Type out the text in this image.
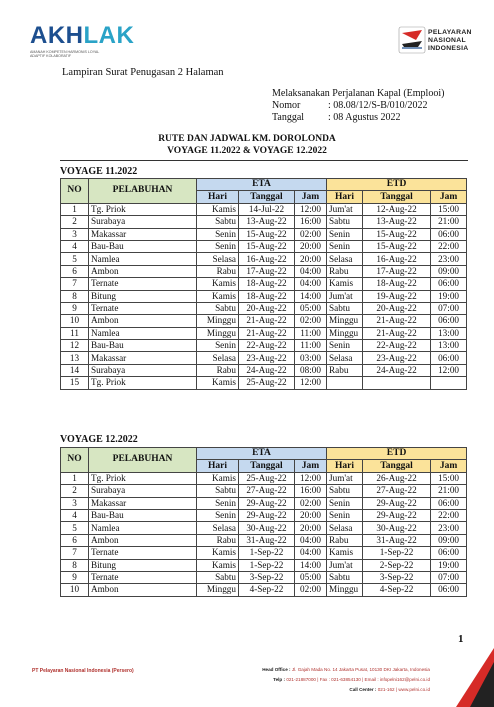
AKHLAK
AMANAH KOMPETEN HARMONIS LOYAL ADAPTIF KOLABORATIF
PELAYARAN
NASIONAL
INDONESIA
Lampiran Surat Penugasan 2 Halaman
Melaksanakan Perjalanan Kapal (Emplooi)
Nomor	: 08.08/12/S-B/010/2022
Tanggal	: 08 Agustus 2022
RUTE DAN JADWAL KM. DOROLONDA
VOYAGE 11.2022 & VOYAGE 12.2022
VOYAGE 11.2022
NO	PELABUHAN	ETA			ETD		
		Hari	Tanggal	Jam	Hari	Tanggal	Jam
1	Tg. Priok	Kamis	14-Jul-22	12:00	Jum'at	12-Aug-22	15:00
2	Surabaya	Sabtu	13-Aug-22	16:00	Sabtu	13-Aug-22	21:00
3	Makassar	Senin	15-Aug-22	02:00	Senin	15-Aug-22	06:00
4	Bau-Bau	Senin	15-Aug-22	20:00	Senin	15-Aug-22	22:00
5	Namlea	Selasa	16-Aug-22	20:00	Selasa	16-Aug-22	23:00
6	Ambon	Rabu	17-Aug-22	04:00	Rabu	17-Aug-22	09:00
7	Ternate	Kamis	18-Aug-22	04:00	Kamis	18-Aug-22	06:00
8	Bitung	Kamis	18-Aug-22	14:00	Jum'at	19-Aug-22	19:00
9	Ternate	Sabtu	20-Aug-22	05:00	Sabtu	20-Aug-22	07:00
10	Ambon	Minggu	21-Aug-22	02:00	Minggu	21-Aug-22	06:00
11	Namlea	Minggu	21-Aug-22	11:00	Minggu	21-Aug-22	13:00
12	Bau-Bau	Senin	22-Aug-22	11:00	Senin	22-Aug-22	13:00
13	Makassar	Selasa	23-Aug-22	03:00	Selasa	23-Aug-22	06:00
14	Surabaya	Rabu	24-Aug-22	08:00	Rabu	24-Aug-22	12:00
15	Tg. Priok	Kamis	25-Aug-22	12:00			
VOYAGE 12.2022
NO	PELABUHAN	ETA			ETD		
		Hari	Tanggal	Jam	Hari	Tanggal	Jam
1	Tg. Priok	Kamis	25-Aug-22	12:00	Jum'at	26-Aug-22	15:00
2	Surabaya	Sabtu	27-Aug-22	16:00	Sabtu	27-Aug-22	21:00
3	Makassar	Senin	29-Aug-22	02:00	Senin	29-Aug-22	06:00
4	Bau-Bau	Senin	29-Aug-22	20:00	Senin	29-Aug-22	22:00
5	Namlea	Selasa	30-Aug-22	20:00	Selasa	30-Aug-22	23:00
6	Ambon	Rabu	31-Aug-22	04:00	Rabu	31-Aug-22	09:00
7	Ternate	Kamis	1-Sep-22	04:00	Kamis	1-Sep-22	06:00
8	Bitung	Kamis	1-Sep-22	14:00	Jum'at	2-Sep-22	19:00
9	Ternate	Sabtu	3-Sep-22	05:00	Sabtu	3-Sep-22	07:00
10	Ambon	Minggu	4-Sep-22	02:00	Minggu	4-Sep-22	06:00
1
PT Pelayaran Nasional Indonesia (Persero)	Head Office : Jl. Gajah Mada No. 14 Jakarta Pusat, 10130 DKI Jakarta, Indonesia
Telp : 021-21887000 | Fax : 021-63854130 | Email : infopelni162@pelni.co.id
Call Center : 021-162 | www.pelni.co.id
